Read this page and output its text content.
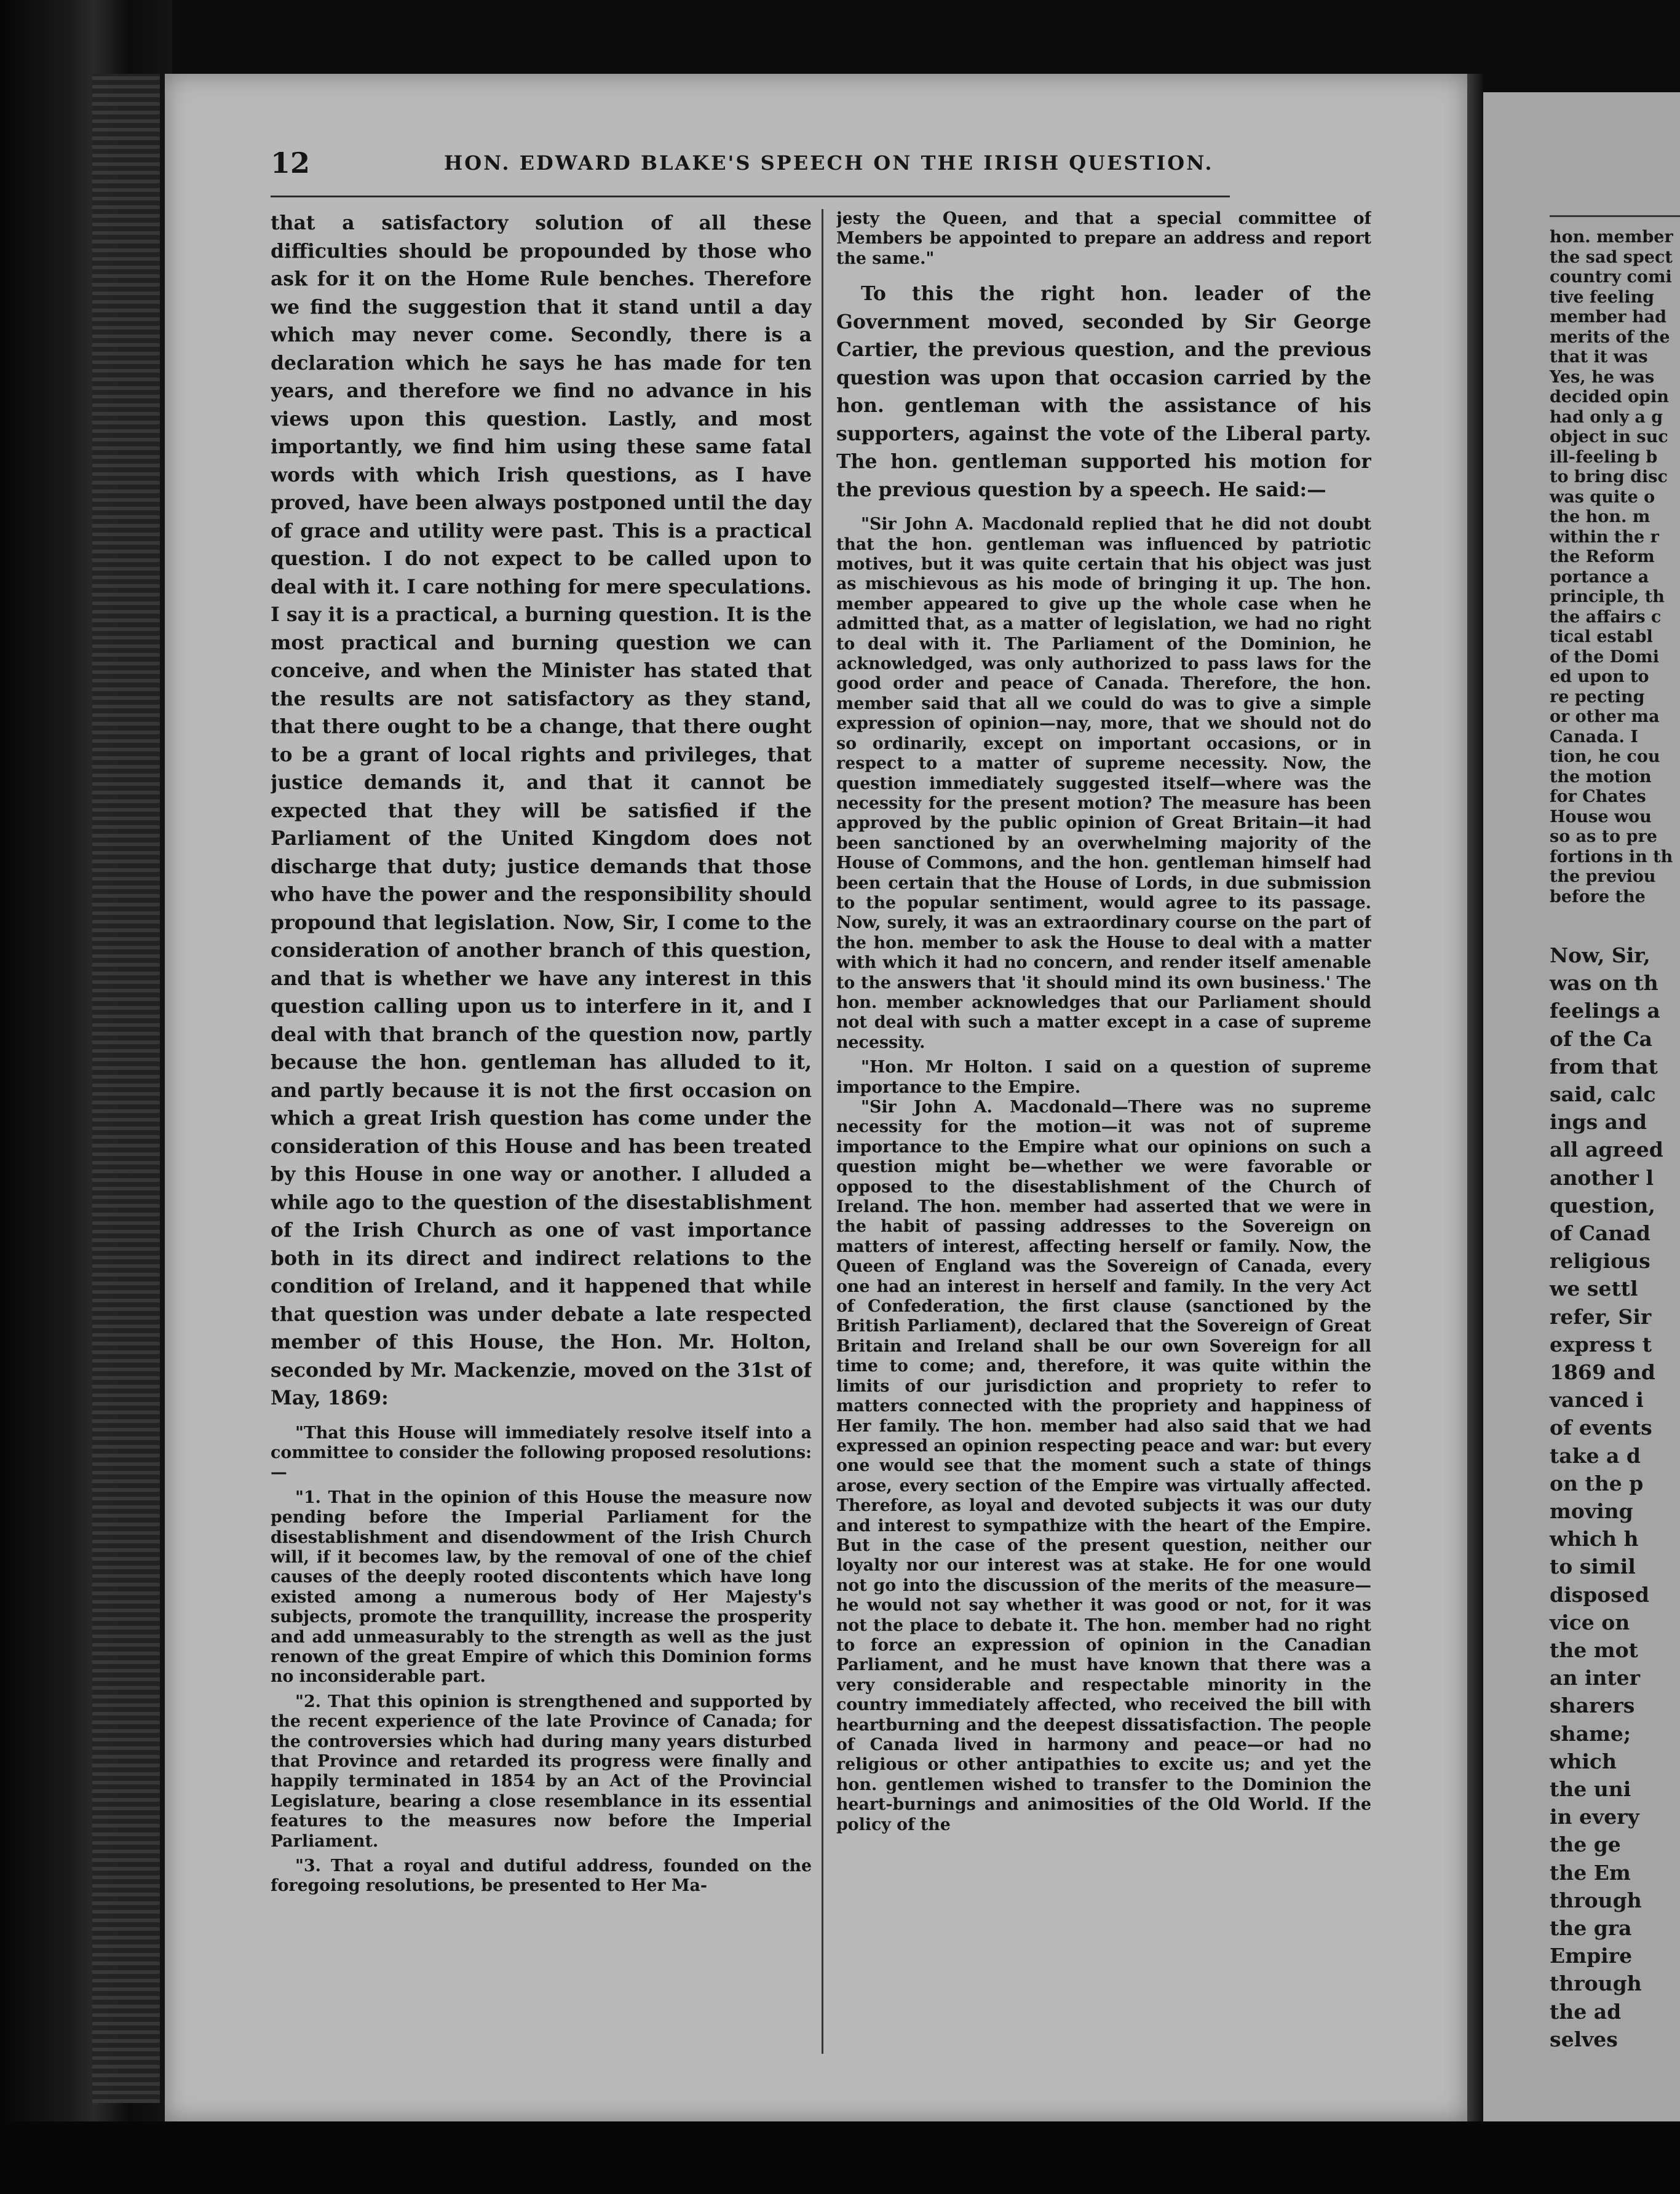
12	HON. EDWARD BLAKE'S SPEECH ON THE IRISH QUESTION.

that a satisfactory solution of all these difficulties should be propounded by those who ask for it on the Home Rule benches. Therefore we find the suggestion that it stand until a day which may never come. Secondly, there is a declaration which he says he has made for ten years, and therefore we find no advance in his views upon this question. Lastly, and most importantly, we find him using these same fatal words with which Irish questions, as I have proved, have been always postponed until the day of grace and utility were past. This is a practical question. I do not expect to be called upon to deal with it. I care nothing for mere speculations. I say it is a practical, a burning question. It is the most practical and burning question we can conceive, and when the Minister has stated that the results are not satisfactory as they stand, that there ought to be a change, that there ought to be a grant of local rights and privileges, that justice demands it, and that it cannot be expected that they will be satisfied if the Parliament of the United Kingdom does not discharge that duty; justice demands that those who have the power and the responsibility should propound that legislation. Now, Sir, I come to the consideration of another branch of this question, and that is whether we have any interest in this question calling upon us to interfere in it, and I deal with that branch of the question now, partly because the hon. gentleman has alluded to it, and partly because it is not the first occasion on which a great Irish question has come under the consideration of this House and has been treated by this House in one way or another. I alluded a while ago to the question of the disestablishment of the Irish Church as one of vast importance both in its direct and indirect relations to the condition of Ireland, and it happened that while that question was under debate a late respected member of this House, the Hon. Mr. Holton, seconded by Mr. Mackenzie, moved on the 31st of May, 1869:

"That this House will immediately resolve itself into a committee to consider the following proposed resolutions:—

"1. That in the opinion of this House the measure now pending before the Imperial Parliament for the disestablishment and disendowment of the Irish Church will, if it becomes law, by the removal of one of the chief causes of the deeply rooted discontents which have long existed among a numerous body of Her Majesty's subjects, promote the tranquillity, increase the prosperity and add unmeasurably to the strength as well as the just renown of the great Empire of which this Dominion forms no inconsiderable part.

"2. That this opinion is strengthened and supported by the recent experience of the late Province of Canada; for the controversies which had during many years disturbed that Province and retarded its progress were finally and happily terminated in 1854 by an Act of the Provincial Legislature, bearing a close resemblance in its essential features to the measures now before the Imperial Parliament.

"3. That a royal and dutiful address, founded on the foregoing resolutions, be presented to Her Ma-

jesty the Queen, and that a special committee of Members be appointed to prepare an address and report the same."

To this the right hon. leader of the Government moved, seconded by Sir George Cartier, the previous question, and the previous question was upon that occasion carried by the hon. gentleman with the assistance of his supporters, against the vote of the Liberal party. The hon. gentleman supported his motion for the previous question by a speech. He said:—

"Sir John A. Macdonald replied that he did not doubt that the hon. gentleman was influenced by patriotic motives, but it was quite certain that his object was just as mischievous as his mode of bringing it up. The hon. member appeared to give up the whole case when he admitted that, as a matter of legislation, we had no right to deal with it. The Parliament of the Dominion, he acknowledged, was only authorized to pass laws for the good order and peace of Canada. Therefore, the hon. member said that all we could do was to give a simple expression of opinion—nay, more, that we should not do so ordinarily, except on important occasions, or in respect to a matter of supreme necessity. Now, the question immediately suggested itself—where was the necessity for the present motion? The measure has been approved by the public opinion of Great Britain—it had been sanctioned by an overwhelming majority of the House of Commons, and the hon. gentleman himself had been certain that the House of Lords, in due submission to the popular sentiment, would agree to its passage. Now, surely, it was an extraordinary course on the part of the hon. member to ask the House to deal with a matter with which it had no concern, and render itself amenable to the answers that 'it should mind its own business.' The hon. member acknowledges that our Parliament should not deal with such a matter except in a case of supreme necessity.

"Hon. Mr Holton. I said on a question of supreme importance to the Empire.

"Sir John A. Macdonald—There was no supreme necessity for the motion—it was not of supreme importance to the Empire what our opinions on such a question might be—whether we were favorable or opposed to the disestablishment of the Church of Ireland. The hon. member had asserted that we were in the habit of passing addresses to the Sovereign on matters of interest, affecting herself or family. Now, the Queen of England was the Sovereign of Canada, every one had an interest in herself and family. In the very Act of Confederation, the first clause (sanctioned by the British Parliament), declared that the Sovereign of Great Britain and Ireland shall be our own Sovereign for all time to come; and, therefore, it was quite within the limits of our jurisdiction and propriety to refer to matters connected with the propriety and happiness of Her family. The hon. member had also said that we had expressed an opinion respecting peace and war: but every one would see that the moment such a state of things arose, every section of the Empire was virtually affected. Therefore, as loyal and devoted subjects it was our duty and interest to sympathize with the heart of the Empire. But in the case of the present question, neither our loyalty nor our interest was at stake. He for one would not go into the discussion of the merits of the measure—he would not say whether it was good or not, for it was not the place to debate it. The hon. member had no right to force an expression of opinion in the Canadian Parliament, and he must have known that there was a very considerable and respectable minority in the country immediately affected, who received the bill with heartburning and the deepest dissatisfaction. The people of Canada lived in harmony and peace—or had no religious or other antipathies to excite us; and yet the hon. gentlemen wished to transfer to the Dominion the heart-burnings and animosities of the Old World. If the policy of the

hon. member
the sad spect
country comi
tive feeling
member had
merits of the
that it was
Yes, he was
decided opin
had only a g
object in suc
ill-feeling b
to bring disc
was quite o
the hon. m
within the r
the Reform
portance a
principle, th
the affairs c
tical establ
of the Domi
ed upon to
re pecting
or other ma
Canada. I
tion, he cou
the motion
for Chates
House wou
so as to pre
fortions in th
the previou
before the
Now, Sir,
was on th
feelings a
of the Ca
from that
said, calc
ings and
all agreed
another l
question,
of Canad
religious
we settl
refer, Sir
express t
1869 and
vanced i
of events
take a d
on the p
moving
which h
to simil
disposed
vice on
the mot
an inter
sharers
shame;
which
the uni
in every
the ge
the Em
through
the gra
Empire
through
the ad
selves
